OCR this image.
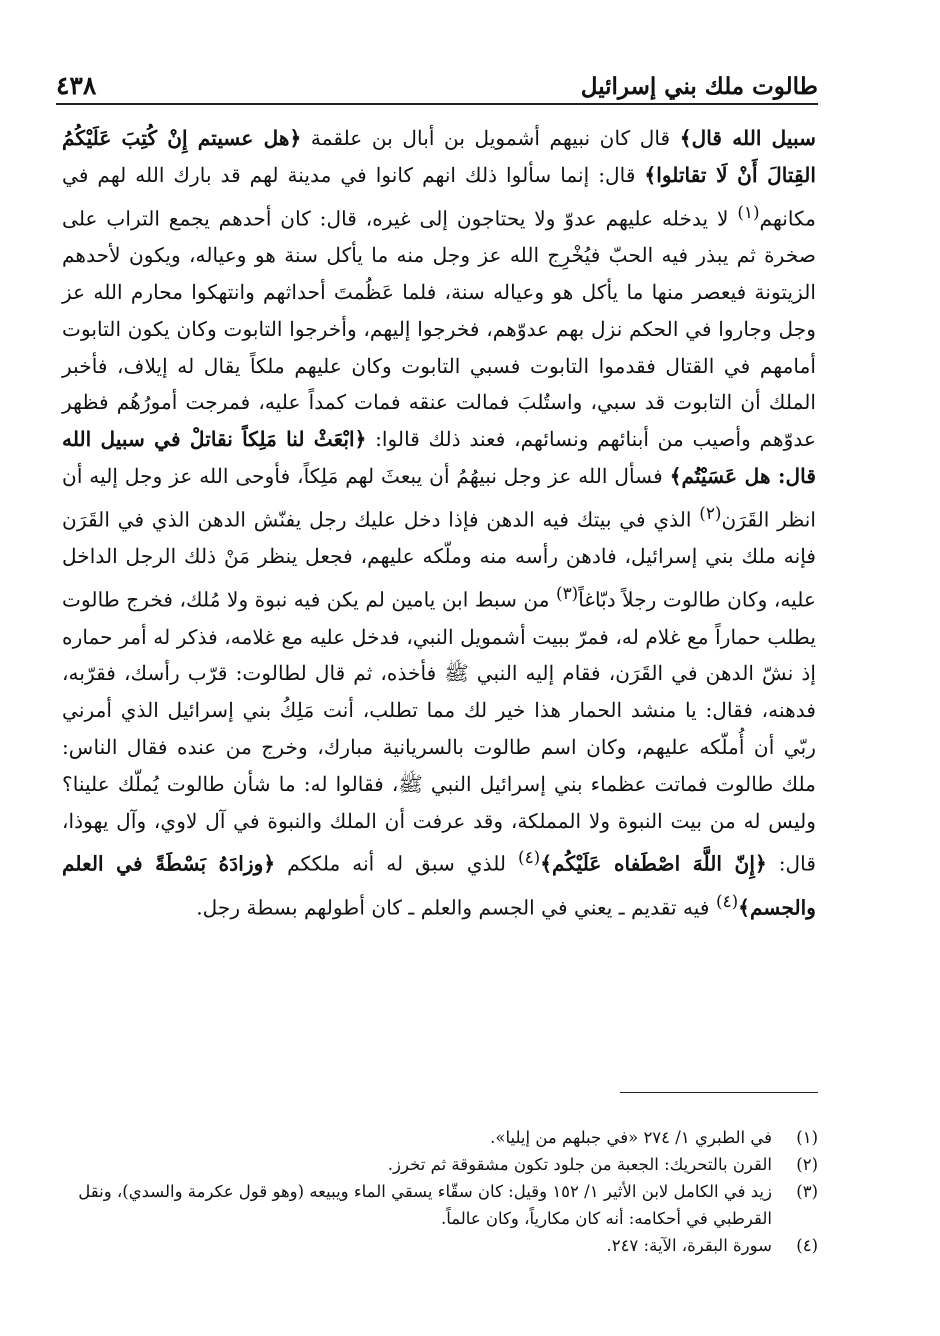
طالوت ملك بني إسرائيل
٤٣٨

سبيل الله قال﴾ قال كان نبيهم أشمويل بن أبال بن علقمة ﴿هل عسيتم إِنْ كُتِبَ عَلَيْكُمُ القِتالَ أَنْ لَا تقاتلوا﴾ قال: إنما سألوا ذلك انهم كانوا في مدينة لهم قد بارك الله لهم في مكانهم$^{(١)}$ لا يدخله عليهم عدوّ ولا يحتاجون إلى غيره، قال: كان أحدهم يجمع التراب على صخرة ثم يبذر فيه الحبّ فيُخْرِج الله عز وجل منه ما يأكل سنة هو وعياله، ويكون لأحدهم الزيتونة فيعصر منها ما يأكل هو وعياله سنة، فلما عَظُمتَ أحداثهم وانتهكوا محارم الله عز وجل وجاروا في الحكم نزل بهم عدوّهم، فخرجوا إليهم، وأخرجوا التابوت وكان يكون التابوت أمامهم في القتال فقدموا التابوت فسبي التابوت وكان عليهم ملكاً يقال له إيلاف، فأخبر الملك أن التابوت قد سبي، واستُلبَ فمالت عنقه فمات كمداً عليه، فمرجت أمورُهُم فظهر عدوّهم وأصيب من أبنائهم ونسائهم، فعند ذلك قالوا: ﴿ابْعَثْ لنا مَلِكاً نقاتلْ في سبيل الله قال: هل عَسَيْتُم﴾ فسأل الله عز وجل نبيهُمُ أن يبعثَ لهم مَلِكاً، فأوحى الله عز وجل إليه أن انظر القَرَن$^{(٢)}$ الذي في بيتك فيه الدهن فإذا دخل عليك رجل يفنّش الدهن الذي في القَرَن فإنه ملك بني إسرائيل، فادهن رأسه منه وملّكه عليهم، فجعل ينظر مَنْ ذلك الرجل الداخل عليه، وكان طالوت رجلاً دبّاغاً$^{(٣)}$ من سبط ابن يامين لم يكن فيه نبوة ولا مُلك، فخرج طالوت يطلب حماراً مع غلام له، فمرّ ببيت أشمويل النبي، فدخل عليه مع غلامه، فذكر له أمر حماره إذ نشّ الدهن في القَرَن، فقام إليه النبي ﷺ فأخذه، ثم قال لطالوت: قرّب رأسك، فقرّبه، فدهنه، فقال: يا منشد الحمار هذا خير لك مما تطلب، أنت مَلِكُ بني إسرائيل الذي أمرني ربّي أن أُملّكه عليهم، وكان اسم طالوت بالسريانية مبارك، وخرج من عنده فقال الناس: ملك طالوت فماتت عظماء بني إسرائيل النبي ﷺ، فقالوا له: ما شأن طالوت يُملّك علينا؟ وليس له من بيت النبوة ولا المملكة، وقد عرفت أن الملك والنبوة في آل لاوي، وآل يهوذا، قال: ﴿إِنّ اللَّهَ اصْطَفاه عَلَيْكُم﴾$^{(٤)}$ للذي سبق له أنه ملككم ﴿وزادَهُ بَسْطَةً في العلم والجسم﴾$^{(٤)}$ فيه تقديم ـ يعني في الجسم والعلم ـ كان أطولهم بسطة رجل.

(١)
في الطبري ١/ ٢٧٤ «في جبلهم من إيليا».
(٢)
القرن بالتحريك: الجعبة من جلود تكون مشقوقة ثم تخرز.
(٣)
زيد في الكامل لابن الأثير ١/ ١٥٢ وقيل: كان سقّاء يسقي الماء ويبيعه (وهو قول عكرمة والسدي)، ونقل القرطبي في أحكامه: أنه كان مكارياً، وكان عالماً.
(٤)
سورة البقرة، الآية: ٢٤٧.
